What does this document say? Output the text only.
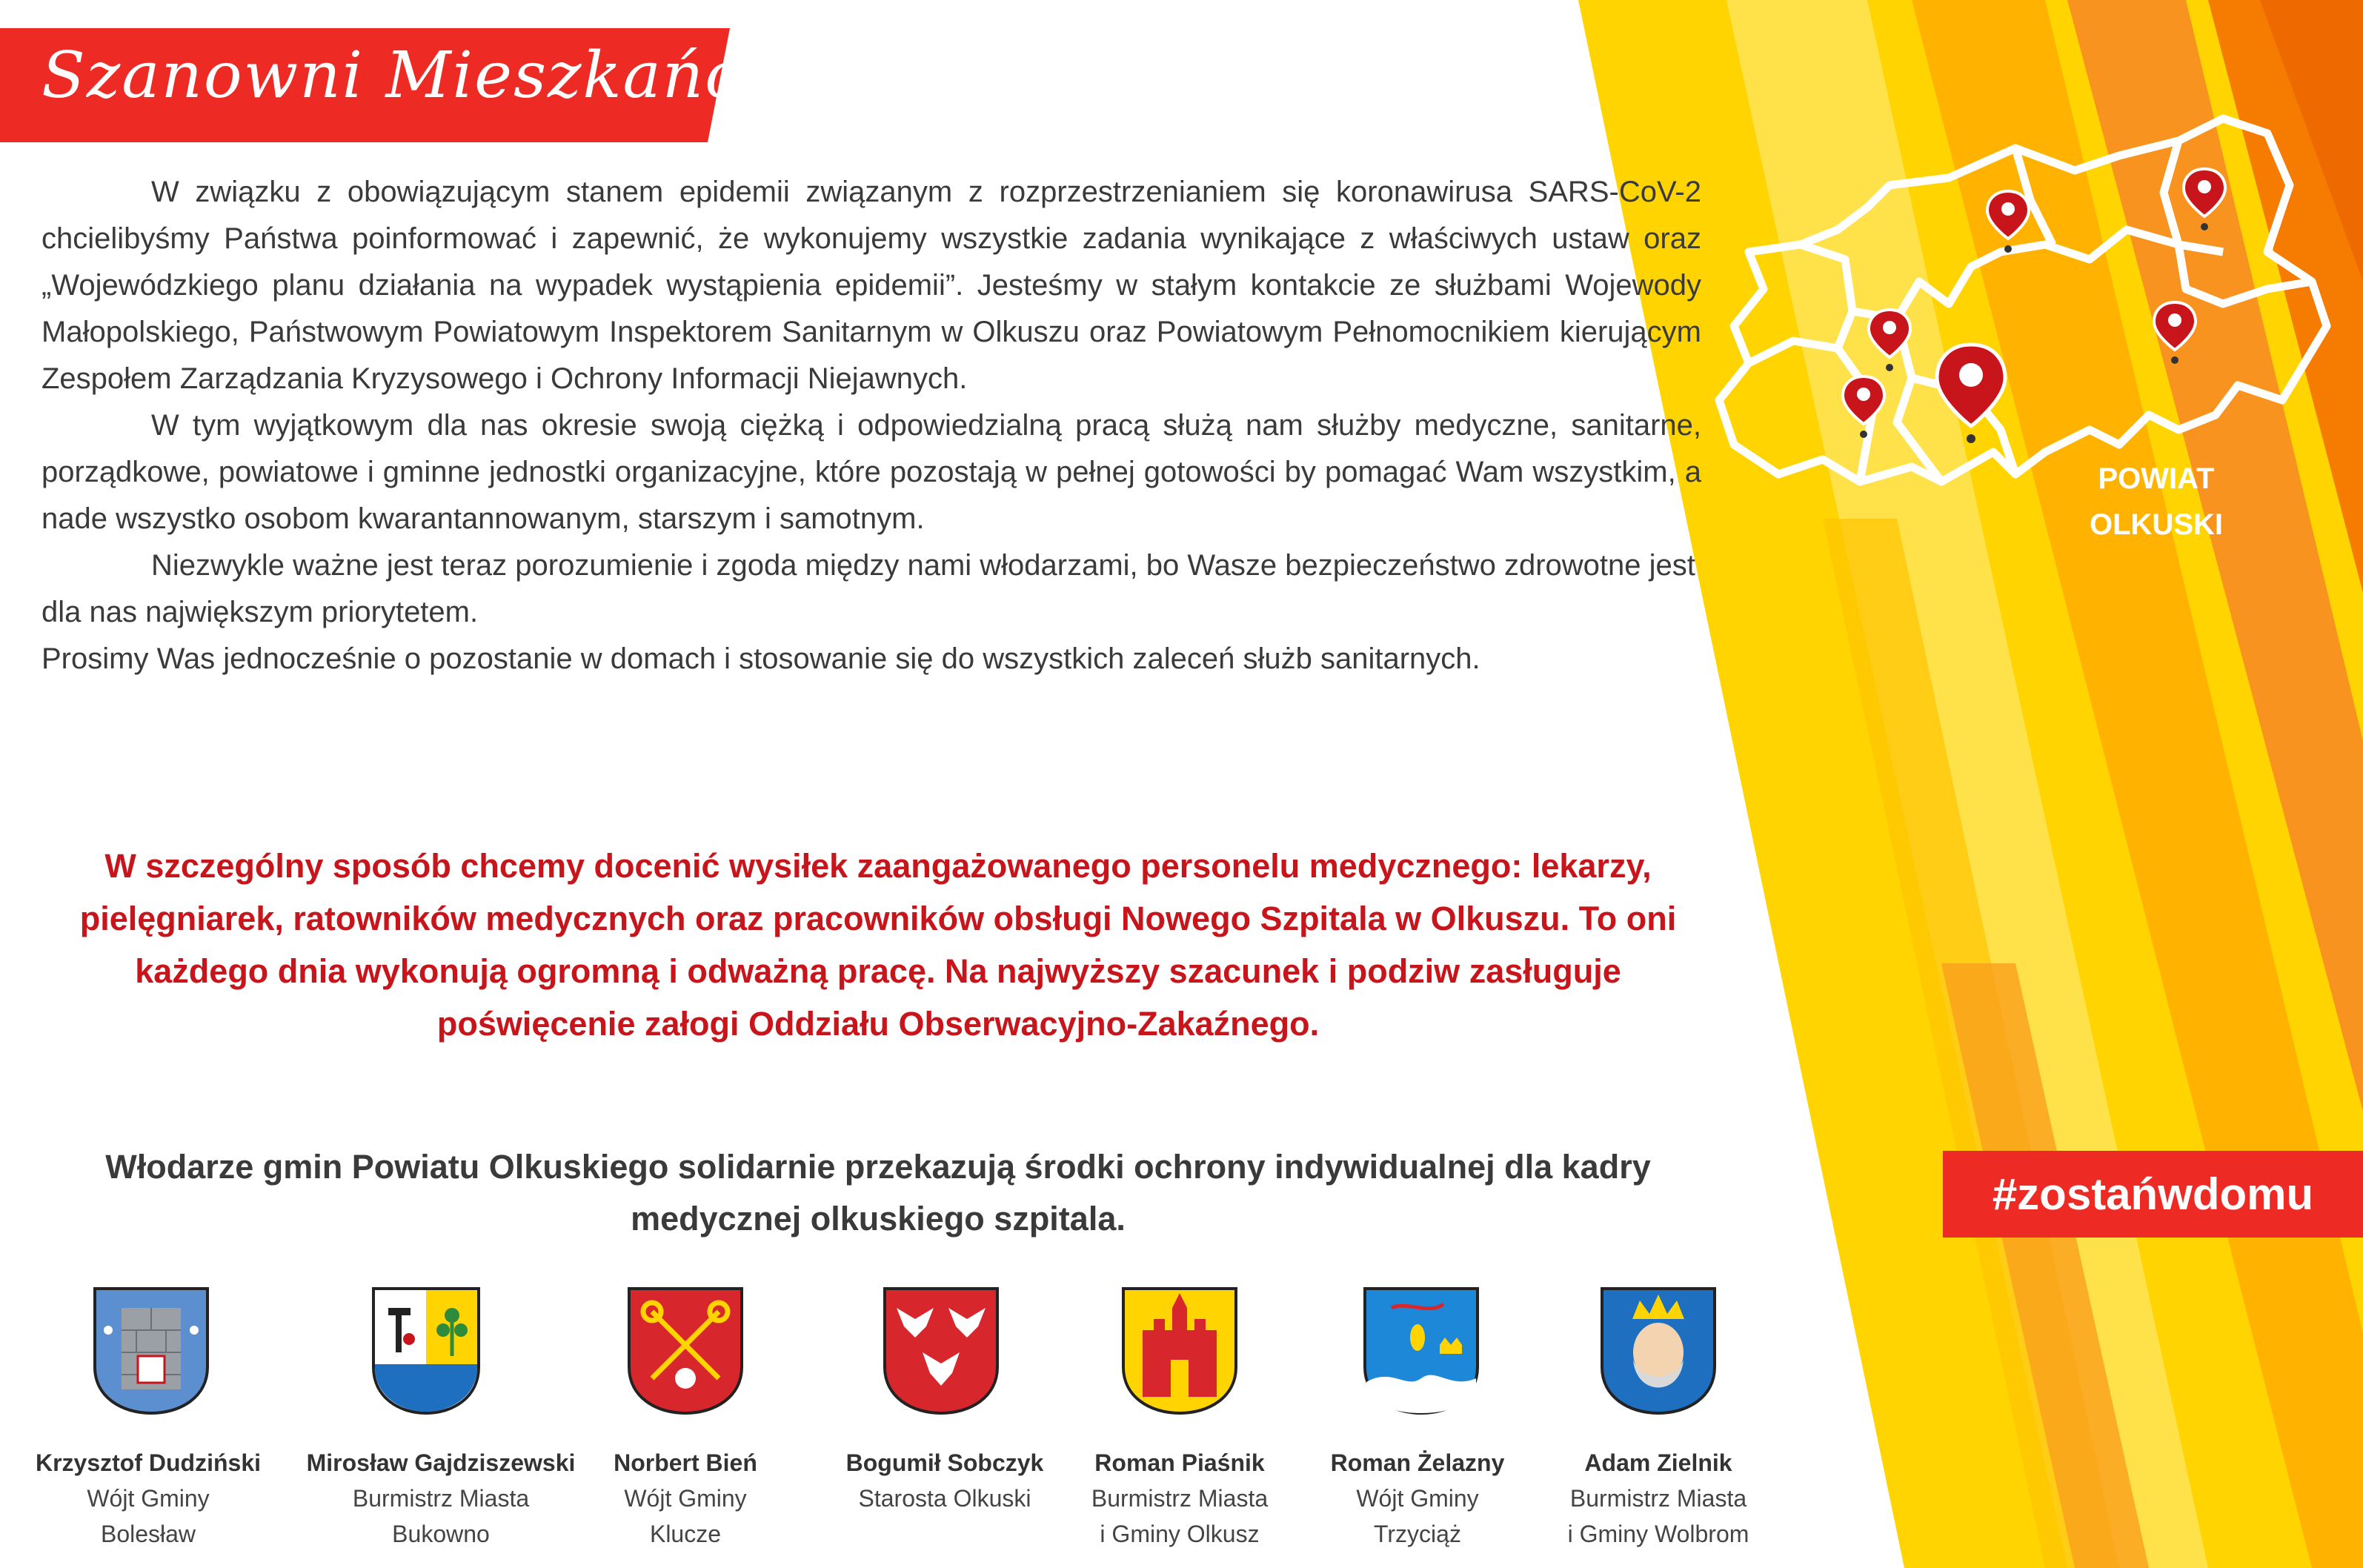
Szanowni Mieszkańcy!

W związku z obowiązującym stanem epidemii związanym z rozprzestrzenianiem się koronawirusa SARS-CoV-2 chcielibyśmy Państwa poinformować i zapewnić, że wykonujemy wszystkie zadania wynikające z właściwych ustaw oraz „Wojewódzkiego planu działania na wypadek wystąpienia epidemii”. Jesteśmy w stałym kontakcie ze służbami Wojewody Małopolskiego, Państwowym Powiatowym Inspektorem Sanitarnym w Olkuszu oraz Powiatowym Pełnomocnikiem kierującym Zespołem Zarządzania Kryzysowego i Ochrony Informacji Niejawnych.

W tym wyjątkowym dla nas okresie swoją ciężką i odpowiedzialną pracą służą nam służby medyczne, sanitarne, porządkowe, powiatowe i gminne jednostki organizacyjne, które pozostają w pełnej gotowości by pomagać Wam wszystkim, a nade wszystko osobom kwarantannowanym, starszym i samotnym.

Niezwykle ważne jest teraz porozumienie i zgoda między nami włodarzami, bo Wasze bezpieczeństwo zdrowotne jest dla nas największym priorytetem.

Prosimy Was jednocześnie o pozostanie w domach i stosowanie się do wszystkich zaleceń służb sanitarnych.

W szczególny sposób chcemy docenić wysiłek zaangażowanego personelu medycznego: lekarzy, pielęgniarek, ratowników medycznych oraz pracowników obsługi Nowego Szpitala w Olkuszu. To oni każdego dnia wykonują ogromną i odważną pracę. Na najwyższy szacunek i podziw zasługuje poświęcenie załogi Oddziału Obserwacyjno-Zakaźnego.
Włodarze gmin Powiatu Olkuskiego solidarnie przekazują środki ochrony indywidualnej dla kadry medycznej olkuskiego szpitala.
POWIAT
OLKUSKI
#zostańwdomu
Krzysztof Dudziński
Wójt Gminy
Bolesław
Mirosław Gajdziszewski
Burmistrz Miasta
Bukowno
Norbert Bień
Wójt Gminy
Klucze
Bogumił Sobczyk
Starosta Olkuski
Roman Piaśnik
Burmistrz Miasta
i Gminy Olkusz
Roman Żelazny
Wójt Gminy
Trzyciąż
Adam Zielnik
Burmistrz Miasta
i Gminy Wolbrom
